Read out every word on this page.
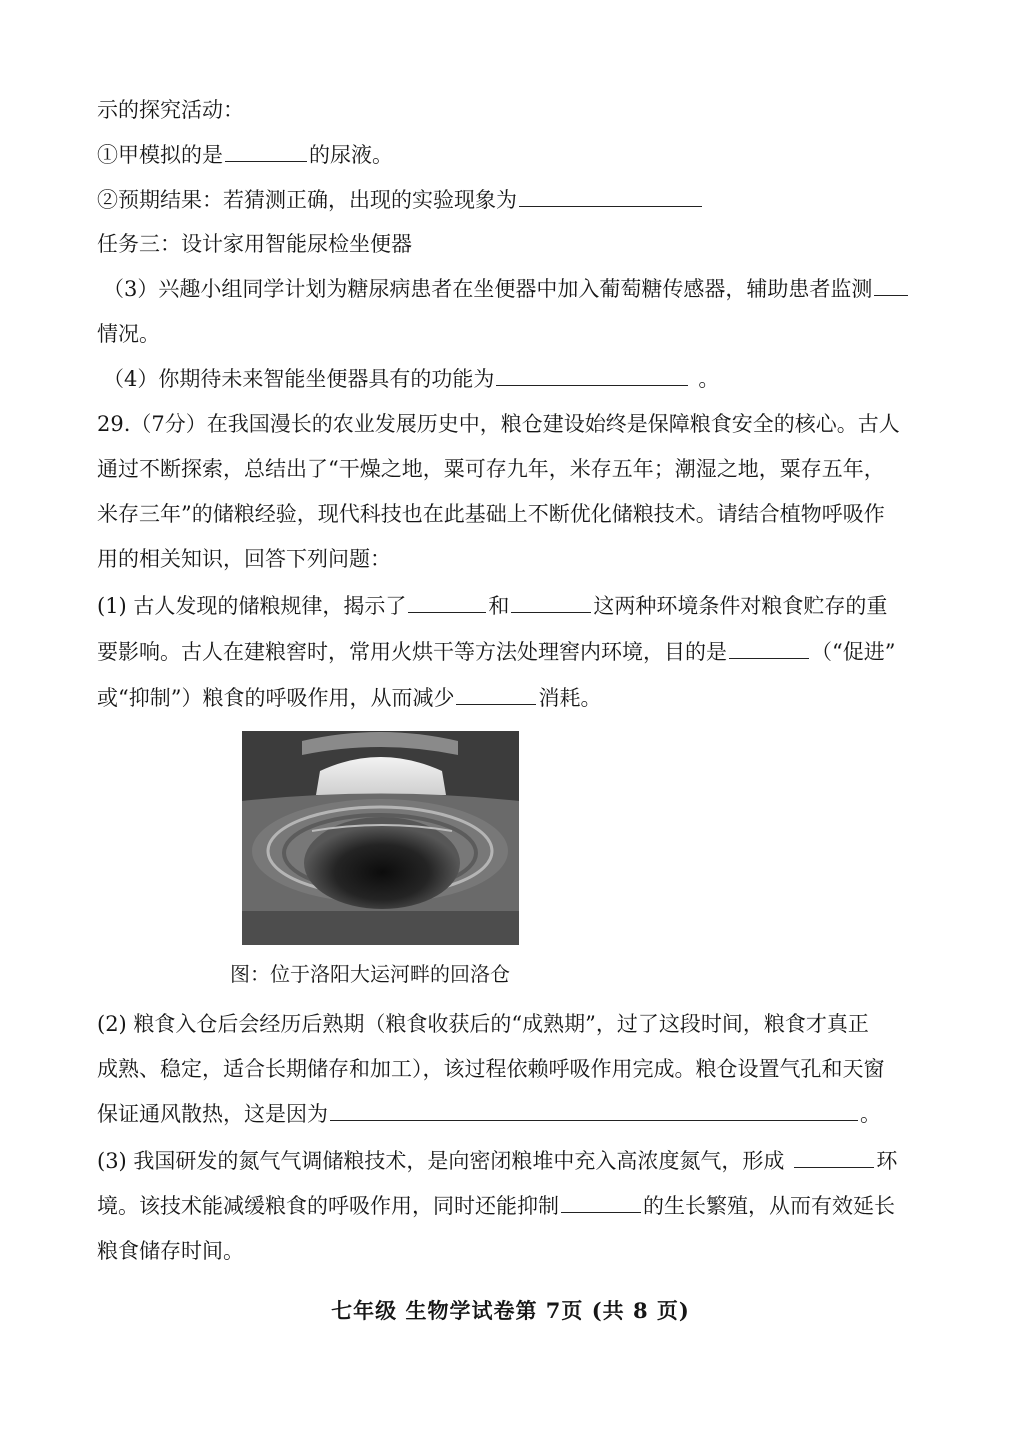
示的探究活动：
①甲模拟的是	的尿液。
②预期结果：若猜测正确，出现的实验现象为
任务三：设计家用智能尿检坐便器
（3）兴趣小组同学计划为糖尿病患者在坐便器中加入葡萄糖传感器，辅助患者监测
情况。
（4）你期待未来智能坐便器具有的功能为	。
29.（7分）在我国漫长的农业发展历史中，粮仓建设始终是保障粮食安全的核心。古人
通过不断探索，总结出了“干燥之地，粟可存九年，米存五年；潮湿之地，粟存五年，
米存三年”的储粮经验，现代科技也在此基础上不断优化储粮技术。请结合植物呼吸作
用的相关知识，回答下列问题：
(1) 古人发现的储粮规律，揭示了	和	这两种环境条件对粮食贮存的重
要影响。古人在建粮窖时，常用火烘干等方法处理窖内环境，目的是	（“促进”
或“抑制”）粮食的呼吸作用，从而减少	消耗。
图：位于洛阳大运河畔的回洛仓
(2) 粮食入仓后会经历后熟期（粮食收获后的“成熟期”，过了这段时间，粮食才真正
成熟、稳定，适合长期储存和加工），该过程依赖呼吸作用完成。粮仓设置气孔和天窗
保证通风散热，这是因为	。
(3) 我国研发的氮气气调储粮技术，是向密闭粮堆中充入高浓度氮气，形成	环
境。该技术能减缓粮食的呼吸作用，同时还能抑制	的生长繁殖，从而有效延长
粮食储存时间。
七年级 生物学试卷第 7页 (共 8 页)
